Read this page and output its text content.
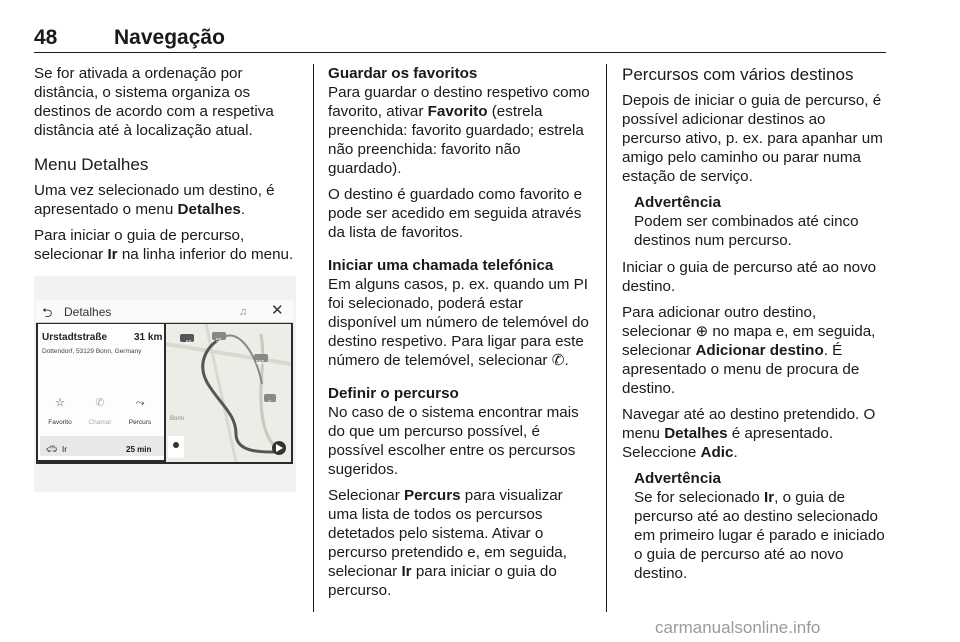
48	Navegação

Se for ativada a ordenação por distância, o sistema organiza os destinos de acordo com a respetiva distância até à localização atual.

Menu Detalhes

Uma vez selecionado um destino, é apresentado o menu Detalhes.

Para iniciar o guia de percurso, selecionar Ir na linha inferior do menu.

⮌ Detalhes	♫ ✕
Urstadtstraße	31 km
Dottendorf, 53129 Bonn, Germany
☆
Favorito
✆
Chamar
⤳
Percurs
🚗︎ Ir	25 min
59	56
560
3
Bonn
Guardar os favoritos

Para guardar o destino respetivo como favorito, ativar Favorito (estrela preenchida: favorito guardado; estrela não preenchida: favorito não guardado).

O destino é guardado como favorito e pode ser acedido em seguida através da lista de favoritos.

Iniciar uma chamada telefónica

Em alguns casos, p. ex. quando um PI foi selecionado, poderá estar disponível um número de telemóvel do destino respetivo. Para ligar para este número de telemóvel, selecionar ✆.

Definir o percurso

No caso de o sistema encontrar mais do que um percurso possível, é possível escolher entre os percursos sugeridos.

Selecionar Percurs para visualizar uma lista de todos os percursos detetados pelo sistema. Ativar o percurso pretendido e, em seguida, selecionar Ir para iniciar o guia do percurso.

Percursos com vários destinos

Depois de iniciar o guia de percurso, é possível adicionar destinos ao percurso ativo, p. ex. para apanhar um amigo pelo caminho ou parar numa estação de serviço.

Advertência
Podem ser combinados até cinco destinos num percurso.

Iniciar o guia de percurso até ao novo destino.

Para adicionar outro destino, selecionar ⊕ no mapa e, em seguida, selecionar Adicionar destino. É apresentado o menu de procura de destino.

Navegar até ao destino pretendido. O menu Detalhes é apresentado. Seleccione Adic.

Advertência
Se for selecionado Ir, o guia de percurso até ao destino selecionado em primeiro lugar é parado e iniciado o guia de percurso até ao novo destino.
carmanualsonline.info
